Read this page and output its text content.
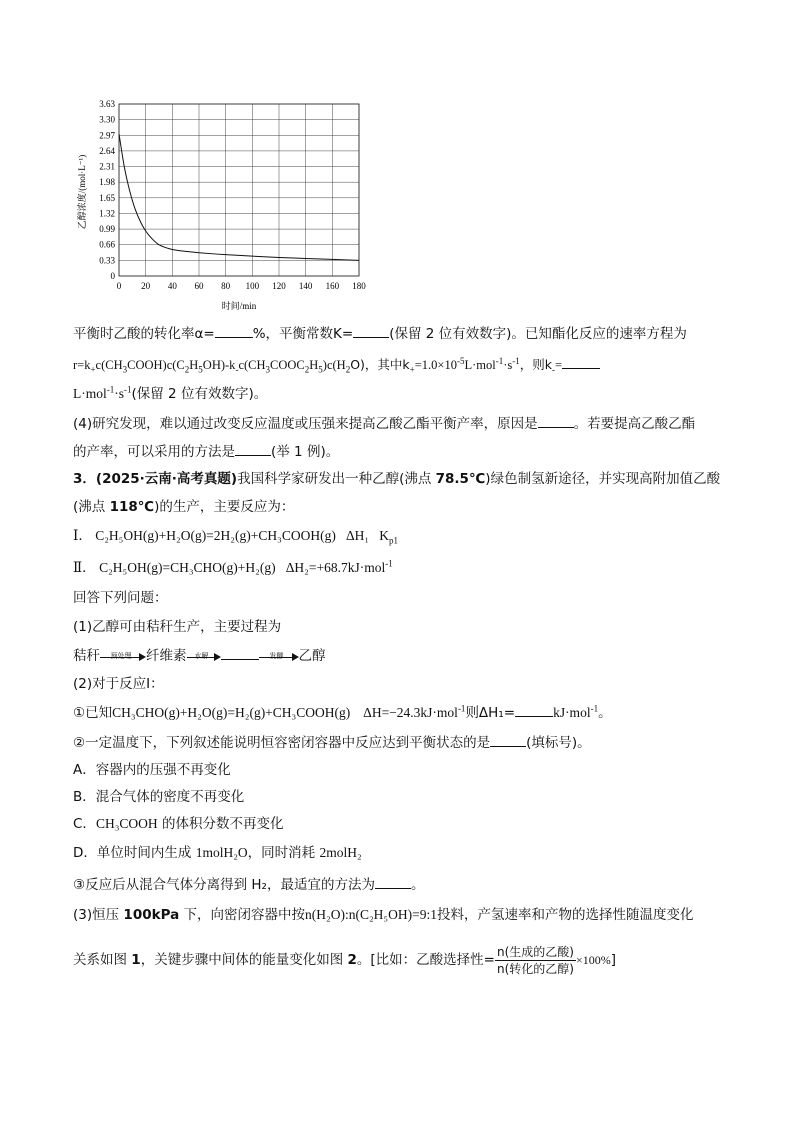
0
0.33
0.66
0.99
1.32
1.65
1.98
2.31
2.64
2.97
3.30
3.63
0 20 40 60 80 100 120 140 160 180
乙醇浓度/(mol·L⁻¹)
时间/min
平衡时乙酸的转化率α=	%，平衡常数K=	(保留 2 位有效数字)。已知酯化反应的速率方程为
$r=k_+c(CH_3COOH)c(C_2H_5OH)-k_-c(CH_3COOC_2H_5)c(H_2O)$，其中$k_+=1.0\times 10^{-5}L\cdot mol^{-1}\cdot s^{-1}$，则$k_-=$
$L\cdot mol^{-1}\cdot s^{-1}$(保留 2 位有效数字)。
(4)研究发现，难以通过改变反应温度或压强来提高乙酸乙酯平衡产率，原因是	。若要提高乙酸乙酯
的产率，可以采用的方法是	(举 1 例)。
3．(2025·云南·高考真题)我国科学家研发出一种乙醇(沸点 78.5℃)绿色制氢新途径，并实现高附加值乙酸
(沸点 118℃)的生产，主要反应为：
Ⅰ． C₂H₅OH(g)+H₂O(g)=2H₂(g)+CH₃COOH(g) ΔH₁ $K_{p1}$
Ⅱ． C₂H₅OH(g)=CH₃CHO(g)+H₂(g) ΔH₂=+68.7kJ·mol$^{-1}$
回答下列问题：
(1)乙醇可由秸秆生产，主要过程为
秸秆	预处理	纤维素	水解	发酵	乙醇
(2)对于反应Ⅰ：
①已知CH₃CHO(g)+H₂O(g)=H₂(g)+CH₃COOH(g) ΔH=−24.3kJ·mol$^{-1}$则ΔH₁=	kJ·mol$^{-1}$。
②一定温度下，下列叙述能说明恒容密闭容器中反应达到平衡状态的是	(填标号)。
A．容器内的压强不再变化
B．混合气体的密度不再变化
C．CH₃COOH 的体积分数不再变化
D．单位时间内生成 1molH₂O，同时消耗 2molH₂
③反应后从混合气体分离得到 H₂，最适宜的方法为	。
(3)恒压 100kPa 下，向密闭容器中按n(H₂O):n(C₂H₅OH)=9:1投料，产氢速率和产物的选择性随温度变化
关系如图 1，关键步骤中间体的能量变化如图 2。[比如：乙酸选择性= $\frac{\text{n(生成的乙酸)}}{\text{n(转化的乙醇)}} \times 100\%$]
